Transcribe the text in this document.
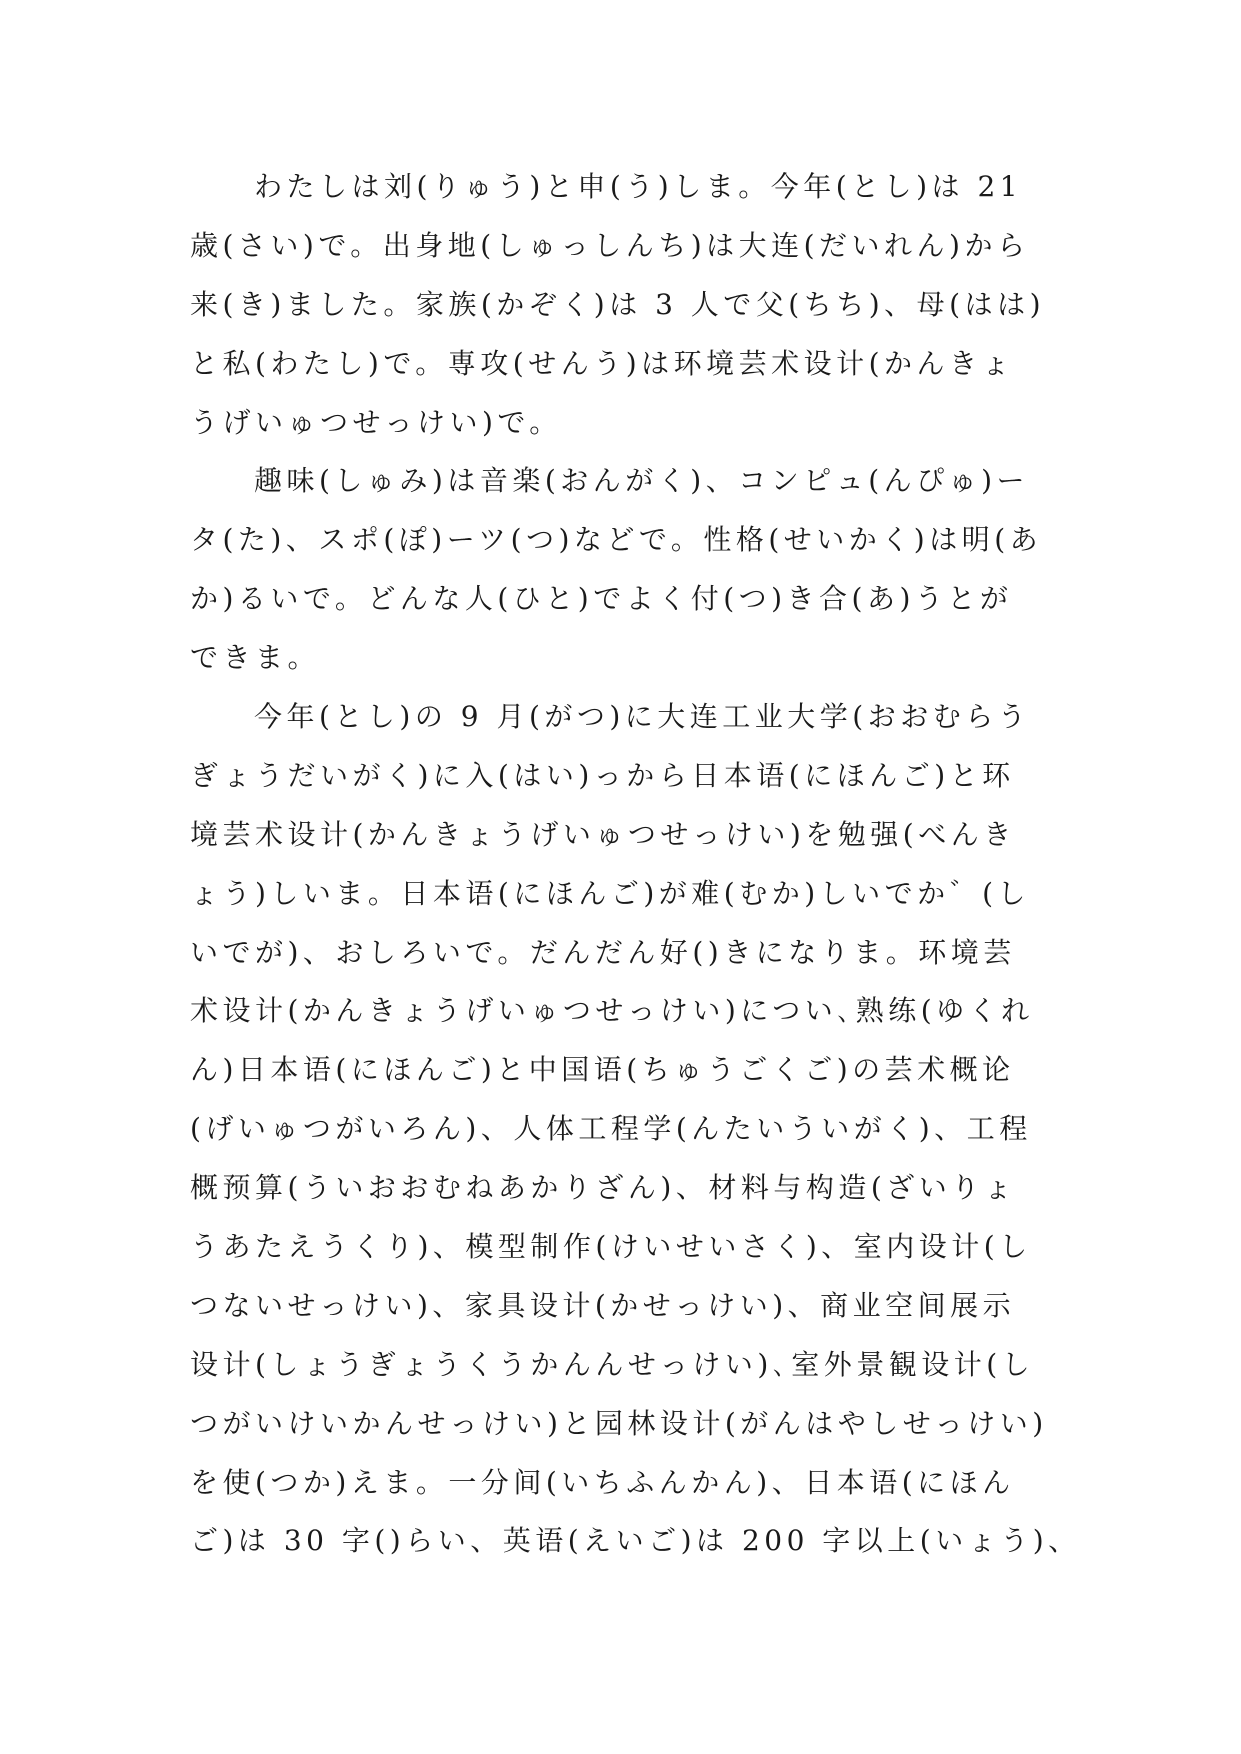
わたしは刘(りゅう)と申(う)しま。今年(とし)は 21
歳(さい)で。出身地(しゅっしんち)は大连(だいれん)から
来(き)ました。家族(かぞく)は 3 人で父(ちち)、母(はは)
と私(わたし)で。専攻(せんう)は环境芸术设计(かんきょ
うげいゅつせっけい)で。
趣味(しゅみ)は音楽(おんがく)、コンピュ(んぴゅ)ー
タ(た)、スポ(ぽ)ーツ(つ)などで。性格(せいかく)は明(あ
か)るいで。どんな人(ひと)でよく付(つ)き合(あ)うとが
できま。
今年(とし)の 9 月(がつ)に大连工业大学(おおむらう
ぎょうだいがく)に入(はい)っから日本语(にほんご)と环
境芸术设计(かんきょうげいゅつせっけい)を勉强(べんき
ょう)しいま。日本语(にほんご)が难(むか)しいでか゛(し
いでが)、おしろいで。だんだん好()きになりま。环境芸
术设计(かんきょうげいゅつせっけい)につい､熟练(ゆくれ
ん)日本语(にほんご)と中国语(ちゅうごくご)の芸术概论
(げいゅつがいろん)、人体工程学(んたいういがく)、工程
概预算(ういおおむねあかりざん)、材料与构造(ざいりょ
うあたえうくり)、模型制作(けいせいさく)、室内设计(し
つないせっけい)、家具设计(かせっけい)、商业空间展示
设计(しょうぎょうくうかんんせっけい)､室外景観设计(し
つがいけいかんせっけい)と园林设计(がんはやしせっけい)
を使(つか)えま。一分间(いちふんかん)、日本语(にほん
ご)は 30 字()らい、英语(えいご)は 200 字以上(いょう)、
